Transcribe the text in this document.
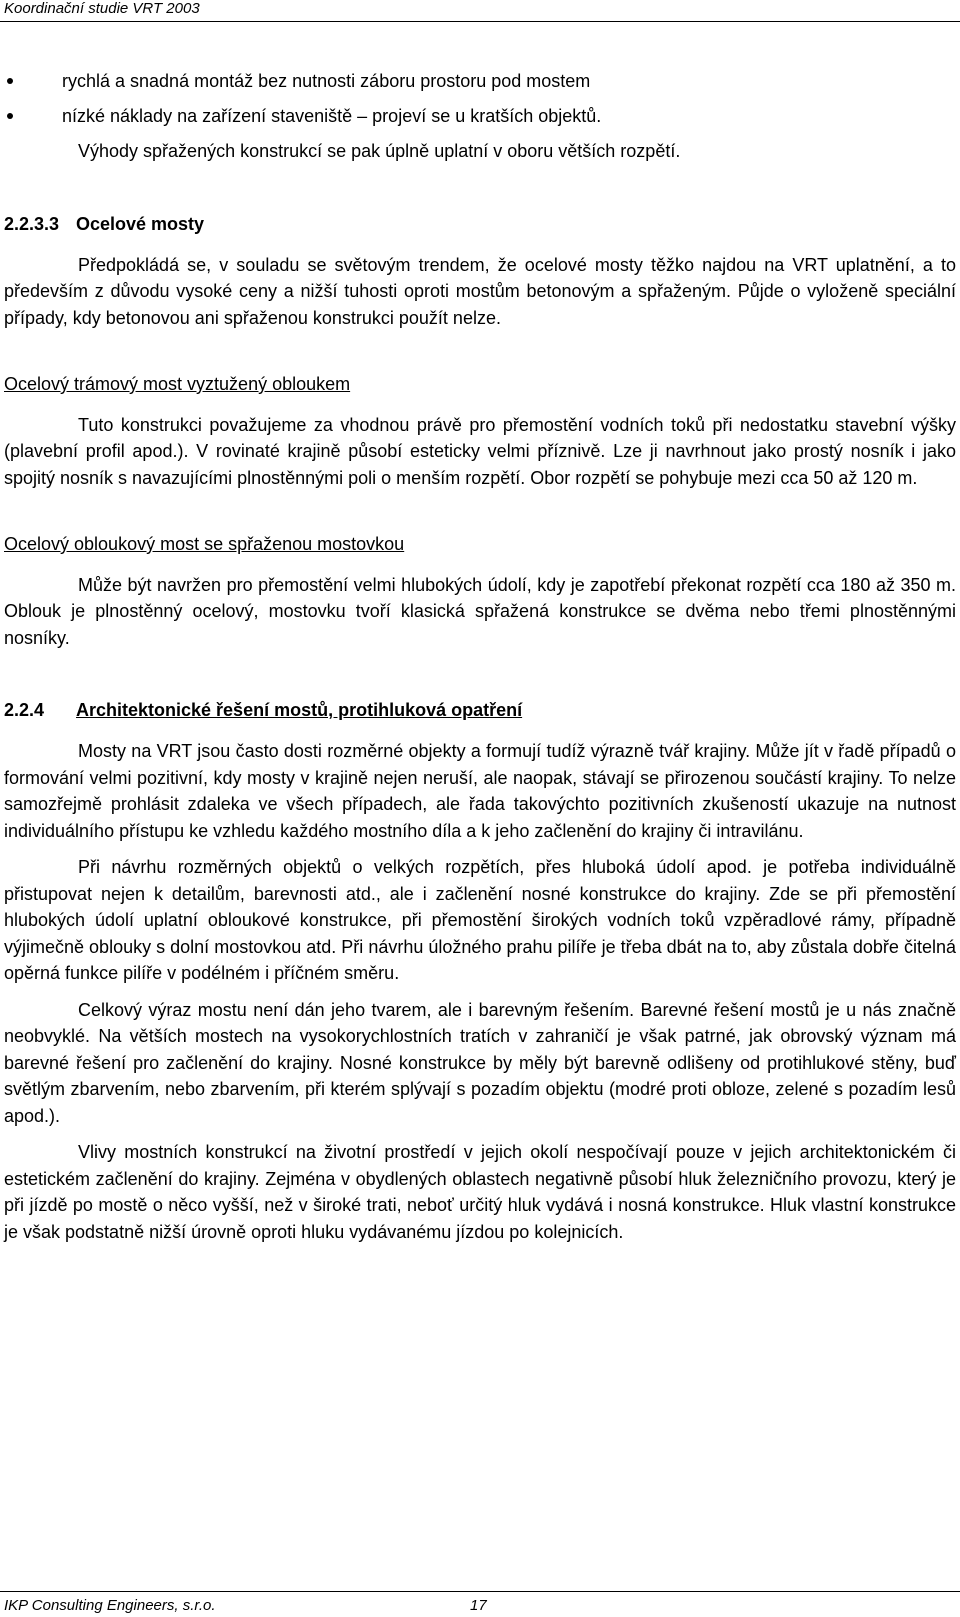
Koordinační studie VRT 2003
rychlá a snadná montáž bez nutnosti záboru prostoru pod mostem
nízké náklady na zařízení staveniště – projeví se u kratších objektů.

Výhody spřažených konstrukcí se pak úplně uplatní v oboru větších rozpětí.

2.2.3.3 Ocelové mosty

Předpokládá se, v souladu se světovým trendem, že ocelové mosty těžko najdou na VRT uplatnění, a to především z důvodu vysoké ceny a nižší tuhosti oproti mostům betonovým a spřaženým. Půjde o vyloženě speciální případy, kdy betonovou ani spřaženou konstrukci použít nelze.

Ocelový trámový most vyztužený obloukem

Tuto konstrukci považujeme za vhodnou právě pro přemostění vodních toků při nedostatku stavební výšky (plavební profil apod.). V rovinaté krajině působí esteticky velmi příznivě. Lze ji navrhnout jako prostý nosník i jako spojitý nosník s navazujícími plnostěnnými poli o menším rozpětí. Obor rozpětí se pohybuje mezi cca 50 až 120 m.

Ocelový obloukový most se spřaženou mostovkou

Může být navržen pro přemostění velmi hlubokých údolí, kdy je zapotřebí překonat rozpětí cca 180 až 350 m. Oblouk je plnostěnný ocelový, mostovku tvoří klasická spřažená konstrukce se dvěma nebo třemi plnostěnnými nosníky.

2.2.4 Architektonické řešení mostů, protihluková opatření

Mosty na VRT jsou často dosti rozměrné objekty a formují tudíž výrazně tvář krajiny. Může jít v řadě případů o formování velmi pozitivní, kdy mosty v krajině nejen neruší, ale naopak, stávají se přirozenou součástí krajiny. To nelze samozřejmě prohlásit zdaleka ve všech případech, ale řada takovýchto pozitivních zkušeností ukazuje na nutnost individuálního přístupu ke vzhledu každého mostního díla a k jeho začlenění do krajiny či intravilánu.

Při návrhu rozměrných objektů o velkých rozpětích, přes hluboká údolí apod. je potřeba individuálně přistupovat nejen k detailům, barevnosti atd., ale i začlenění nosné konstrukce do krajiny. Zde se při přemostění hlubokých údolí uplatní obloukové konstrukce, při přemostění širokých vodních toků vzpěradlové rámy, případně výjimečně oblouky s dolní mostovkou atd. Při návrhu úložného prahu pilíře je třeba dbát na to, aby zůstala dobře čitelná opěrná funkce pilíře v podélném i příčném směru.

Celkový výraz mostu není dán jeho tvarem, ale i barevným řešením. Barevné řešení mostů je u nás značně neobvyklé. Na větších mostech na vysokorychlostních tratích v zahraničí je však patrné, jak obrovský význam má barevné řešení pro začlenění do krajiny. Nosné konstrukce by měly být barevně odlišeny od protihlukové stěny, buď světlým zbarvením, nebo zbarvením, při kterém splývají s pozadím objektu (modré proti obloze, zelené s pozadím lesů apod.).

Vlivy mostních konstrukcí na životní prostředí v jejich okolí nespočívají pouze v jejich architektonickém či estetickém začlenění do krajiny. Zejména v obydlených oblastech negativně působí hluk železničního provozu, který je při jízdě po mostě o něco vyšší, než v široké trati, neboť určitý hluk vydává i nosná konstrukce. Hluk vlastní konstrukce je však podstatně nižší úrovně oproti hluku vydávanému jízdou po kolejnicích.

IKP Consulting Engineers, s.r.o.	17
